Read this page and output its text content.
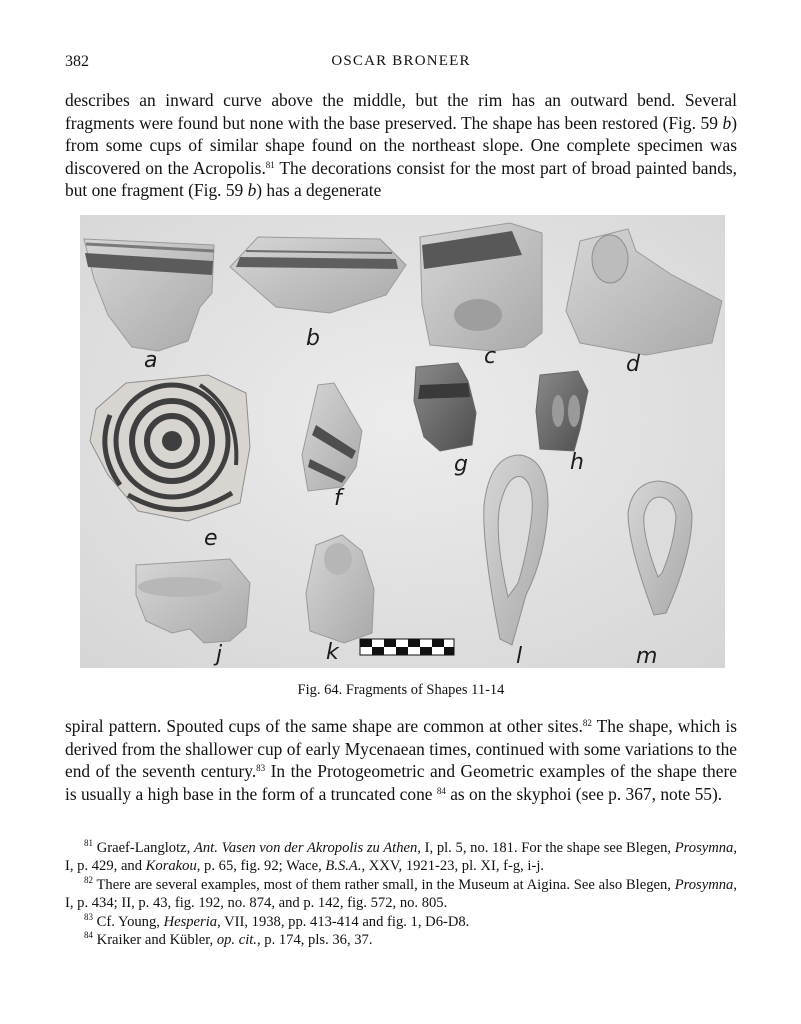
382	OSCAR BRONEER
describes an inward curve above the middle, but the rim has an outward bend. Several fragments were found but none with the base preserved. The shape has been restored (Fig. 59 b) from some cups of similar shape found on the northeast slope. One complete specimen was discovered on the Acropolis.$^{81}$ The decorations consist for the most part of broad painted bands, but one fragment (Fig. 59 b) has a degenerate
a
b
c	d
e
f
g	h
j	k	l	m
Fig. 64. Fragments of Shapes 11-14
spiral pattern. Spouted cups of the same shape are common at other sites.$^{82}$ The shape, which is derived from the shallower cup of early Mycenaean times, continued with some variations to the end of the seventh century.$^{83}$ In the Protogeometric and Geometric examples of the shape there is usually a high base in the form of a truncated cone $^{84}$ as on the skyphoi (see p. 367, note 55).

$^{81}$ Graef-Langlotz, Ant. Vasen von der Akropolis zu Athen, I, pl. 5, no. 181. For the shape see Blegen, Prosymna, I, p. 429, and Korakou, p. 65, fig. 92; Wace, B.S.A., XXV, 1921-23, pl. XI, f-g, i-j.

$^{82}$ There are several examples, most of them rather small, in the Museum at Aigina. See also Blegen, Prosymna, I, p. 434; II, p. 43, fig. 192, no. 874, and p. 142, fig. 572, no. 805.

$^{83}$ Cf. Young, Hesperia, VII, 1938, pp. 413-414 and fig. 1, D6-D8.

$^{84}$ Kraiker and Kübler, op. cit., p. 174, pls. 36, 37.
